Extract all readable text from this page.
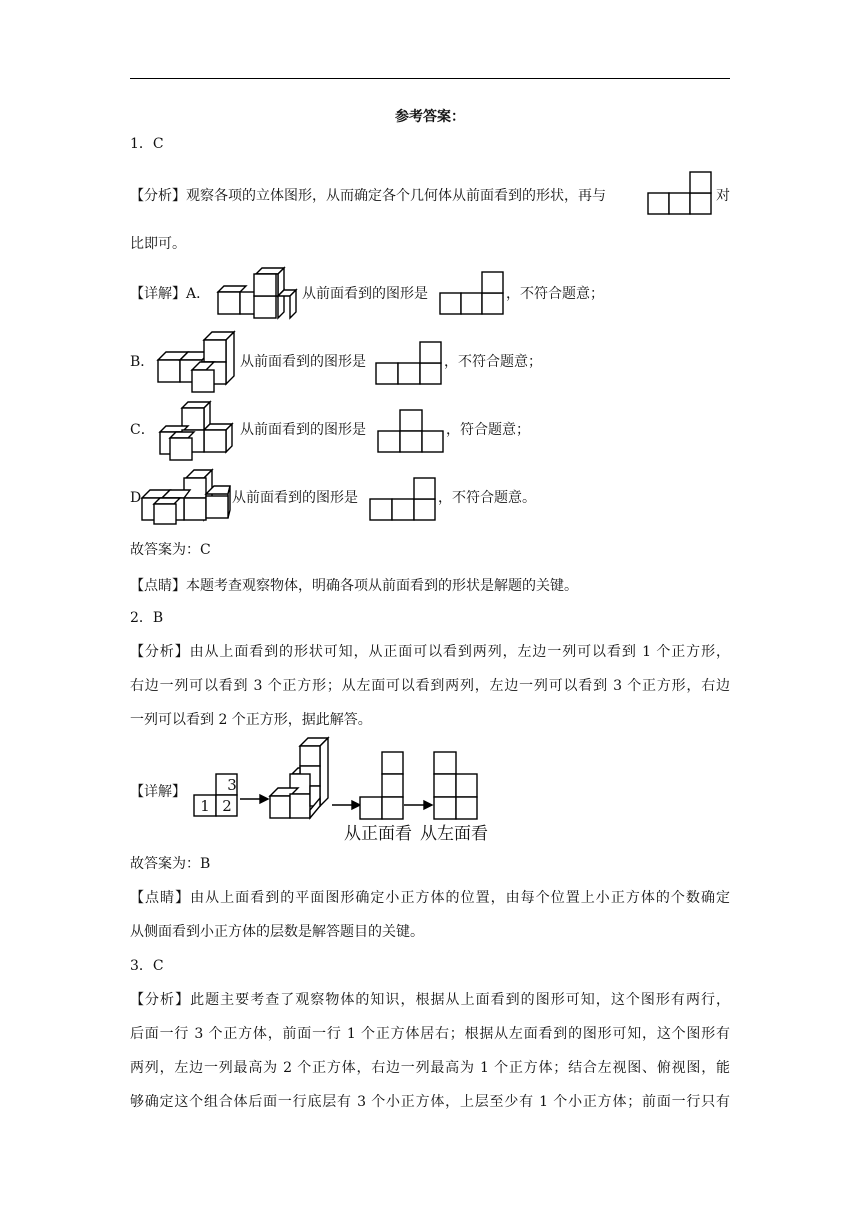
参考答案：
1．C
【分析】观察各项的立体图形，从而确定各个几何体从前面看到的形状，再与	对
比即可。
【详解】A．	从前面看到的图形是	，不符合题意；
B．	从前面看到的图形是	，不符合题意；
C．	从前面看到的图形是	，符合题意；
D	从前面看到的图形是	，不符合题意。
故答案为：C
【点睛】本题考查观察物体，明确各项从前面看到的形状是解题的关键。
2．B
【分析】由从上面看到的形状可知，从正面可以看到两列，左边一列可以看到 1 个正方形，
右边一列可以看到 3 个正方形；从左面可以看到两列，左边一列可以看到 3 个正方形，右边
一列可以看到 2 个正方形，据此解答。
【详解】	3
1 2
从正面看 从左面看
故答案为：B
【点睛】由从上面看到的平面图形确定小正方体的位置，由每个位置上小正方体的个数确定
从侧面看到小正方体的层数是解答题目的关键。
3．C
【分析】此题主要考查了观察物体的知识，根据从上面看到的图形可知，这个图形有两行，
后面一行 3 个正方体，前面一行 1 个正方体居右；根据从左面看到的图形可知，这个图形有
两列，左边一列最高为 2 个正方体，右边一列最高为 1 个正方体；结合左视图、俯视图，能
够确定这个组合体后面一行底层有 3 个小正方体，上层至少有 1 个小正方体；前面一行只有
